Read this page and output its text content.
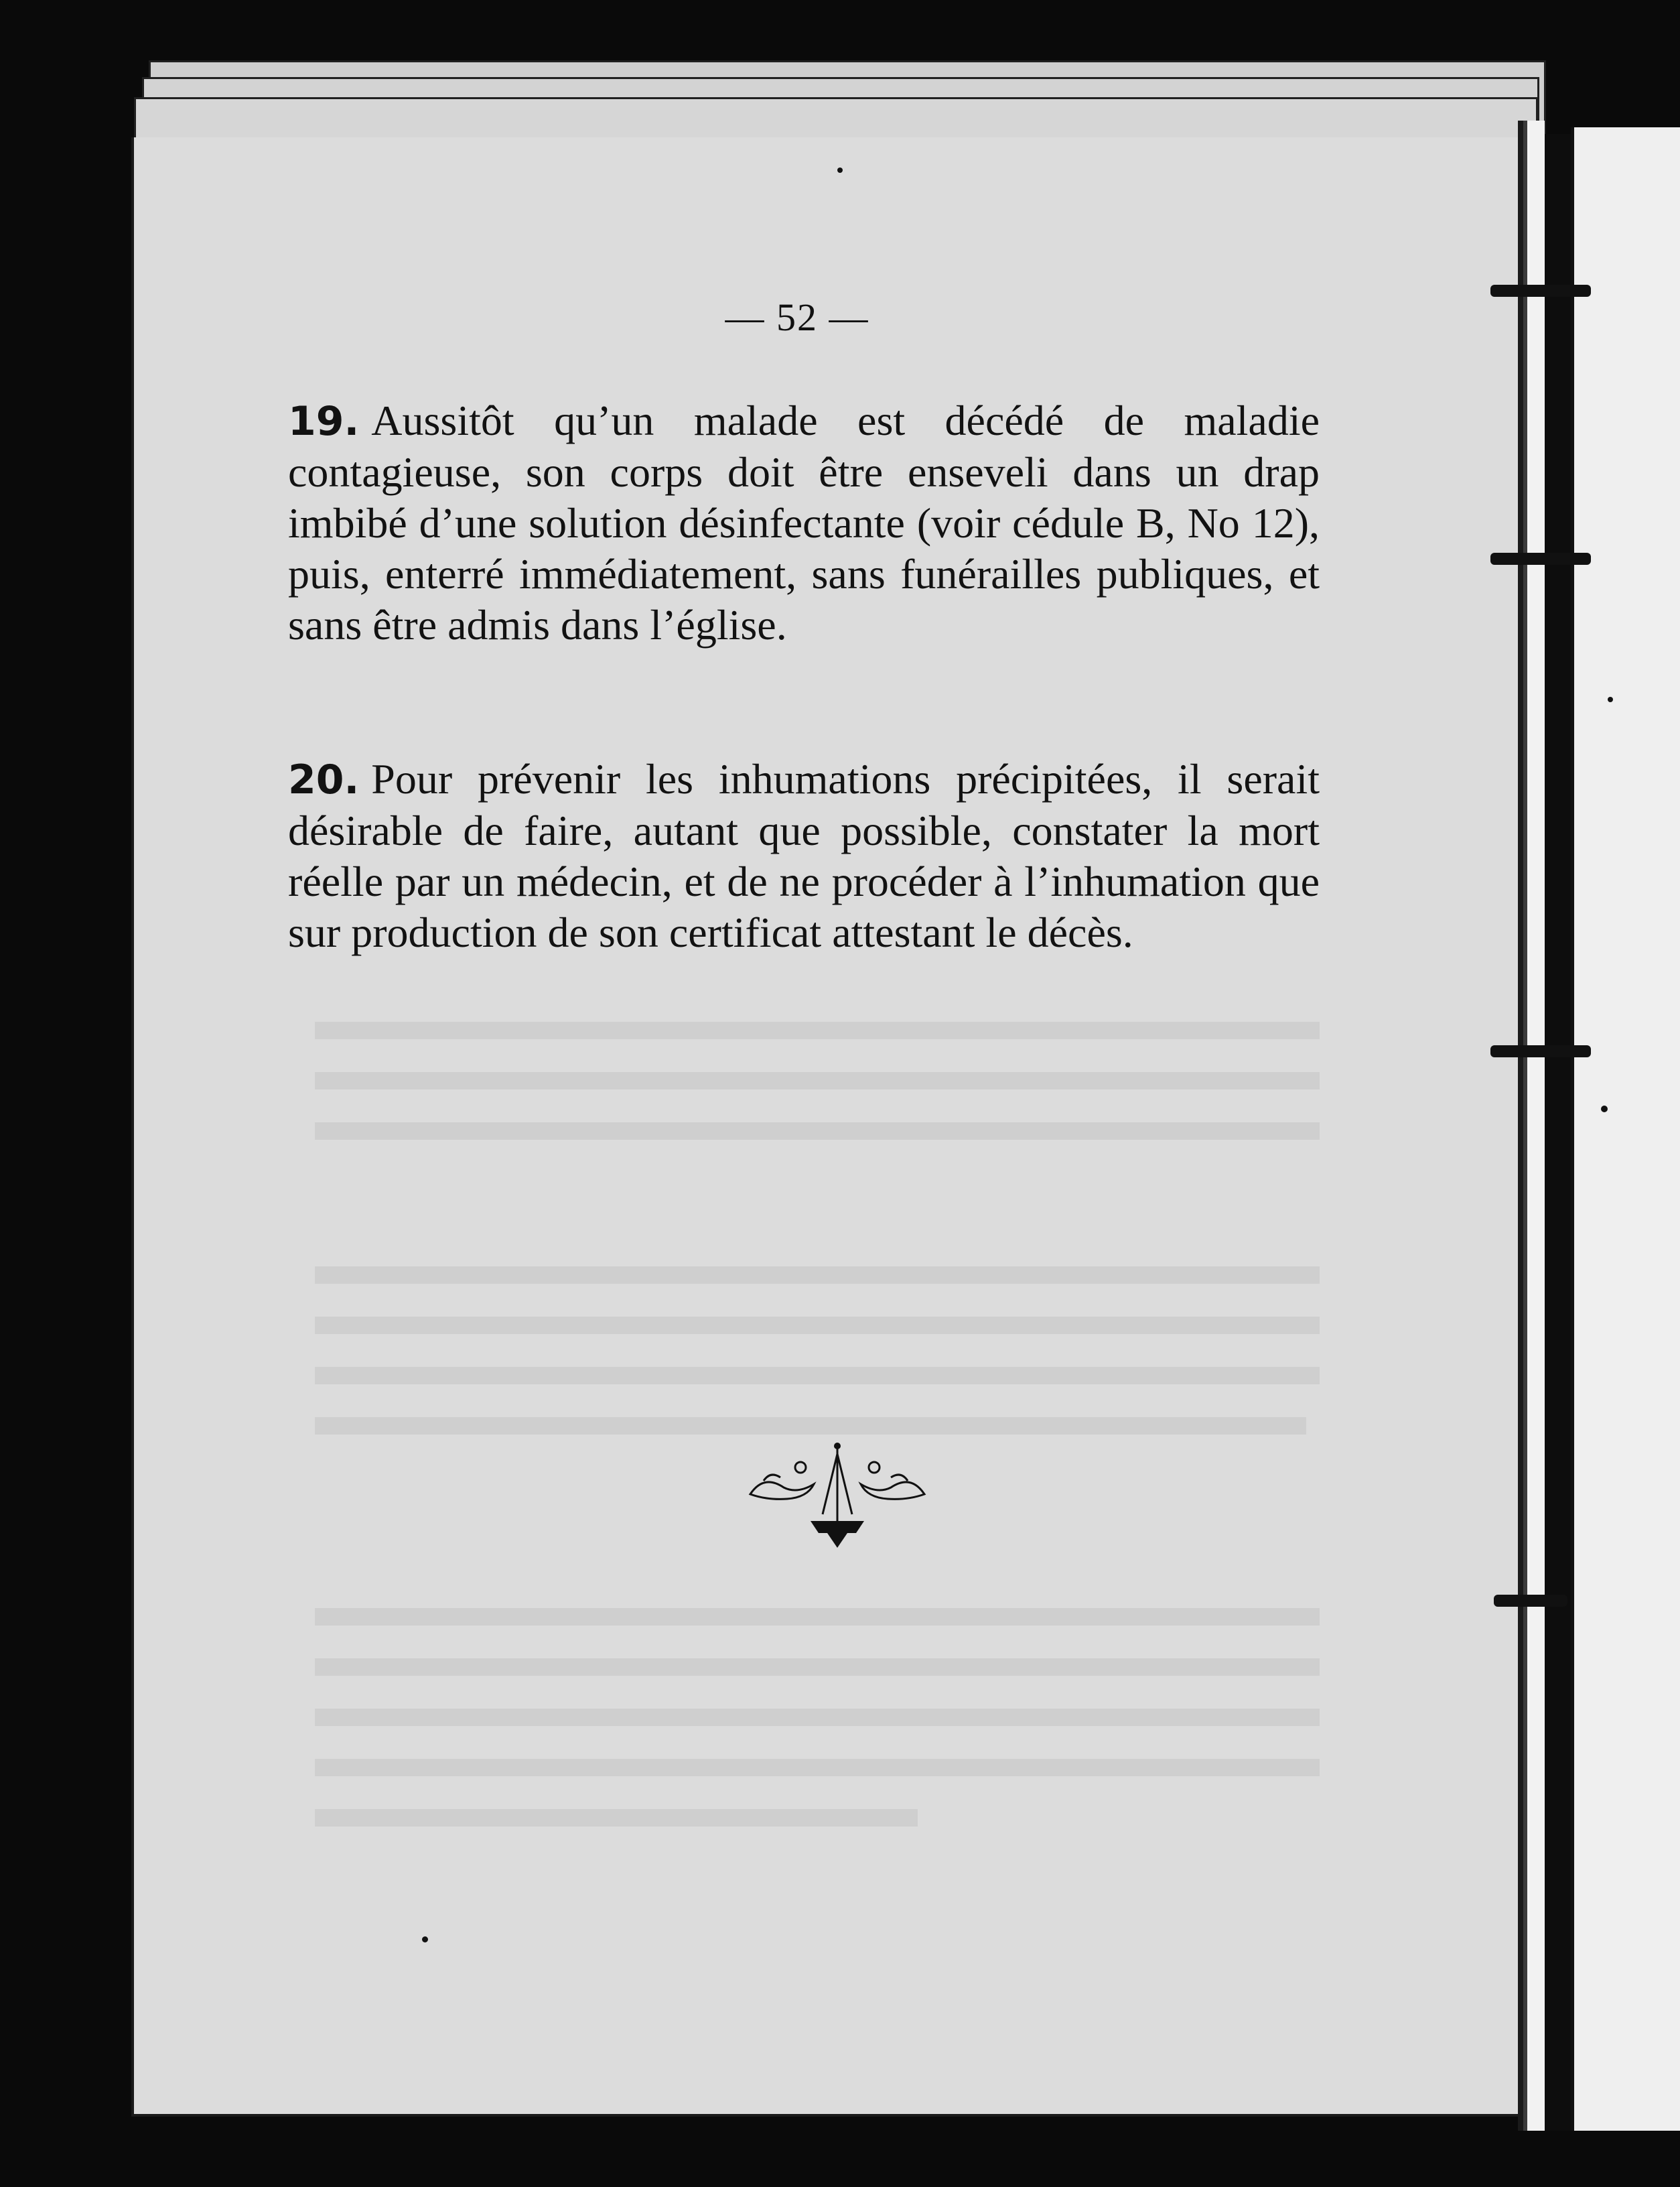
— 52 —
19. Aussitôt qu’un malade est décédé de maladie contagieuse, son corps doit être enseveli dans un drap imbibé d’une solution désinfectante (voir cédule B, No 12), puis, enterré immédiatement, sans funérailles publiques, et sans être admis dans l’église.
20. Pour prévenir les inhumations précipitées, il serait désirable de faire, autant que possible, constater la mort réelle par un médecin, et de ne procéder à l’inhumation que sur production de son certificat attestant le décès.
